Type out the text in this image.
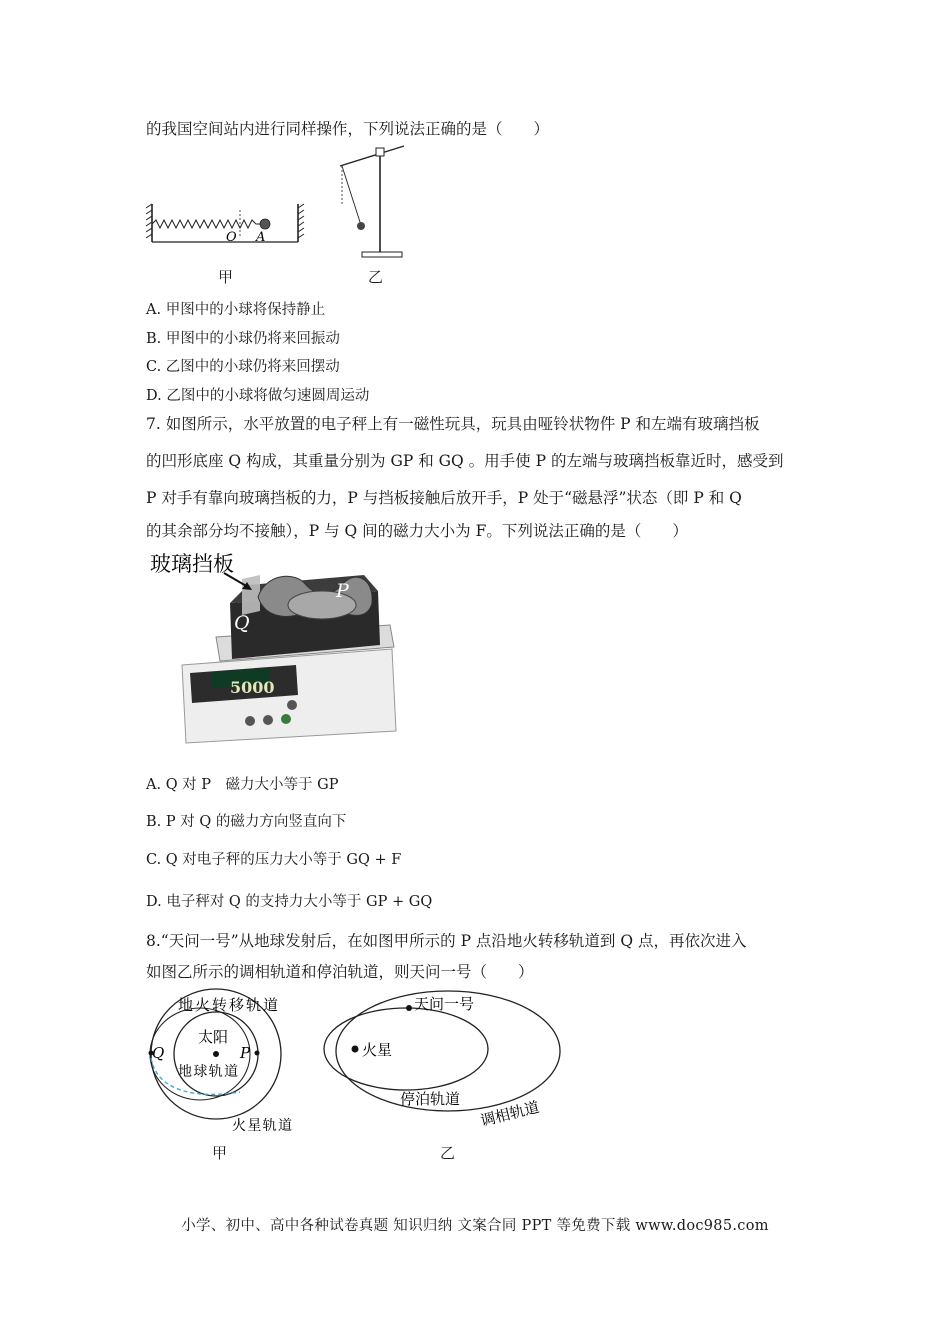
的我国空间站内进行同样操作，下列说法正确的是（　　）
O A
甲	乙
A. 甲图中的小球将保持静止
B. 甲图中的小球仍将来回振动
C. 乙图中的小球仍将来回摆动
D. 乙图中的小球将做匀速圆周运动
7. 如图所示，水平放置的电子秤上有一磁性玩具，玩具由哑铃状物件 P 和左端有玻璃挡板
的凹形底座 Q 构成，其重量分别为 GP 和 GQ 。用手使 P 的左端与玻璃挡板靠近时，感受到
P 对手有靠向玻璃挡板的力，P 与挡板接触后放开手，P 处于“磁悬浮”状态（即 P 和 Q
的其余部分均不接触），P 与 Q 间的磁力大小为 F。下列说法正确的是（　　）
5000
玻璃挡板
P
Q
A. Q 对 P　磁力大小等于 GP
B. P 对 Q 的磁力方向竖直向下
C. Q 对电子秤的压力大小等于 GQ + F
D. 电子秤对 Q 的支持力大小等于 GP + GQ
8.“天问一号”从地球发射后，在如图甲所示的 P 点沿地火转移轨道到 Q 点，再依次进入
如图乙所示的调相轨道和停泊轨道，则天问一号（　　）
地火转移轨道
太阳
P
Q
地球轨道
火星轨道
甲
天问一号
火星
停泊轨道 调相轨道
乙
小学、初中、高中各种试卷真题 知识归纳 文案合同 PPT 等免费下载 www.doc985.com
